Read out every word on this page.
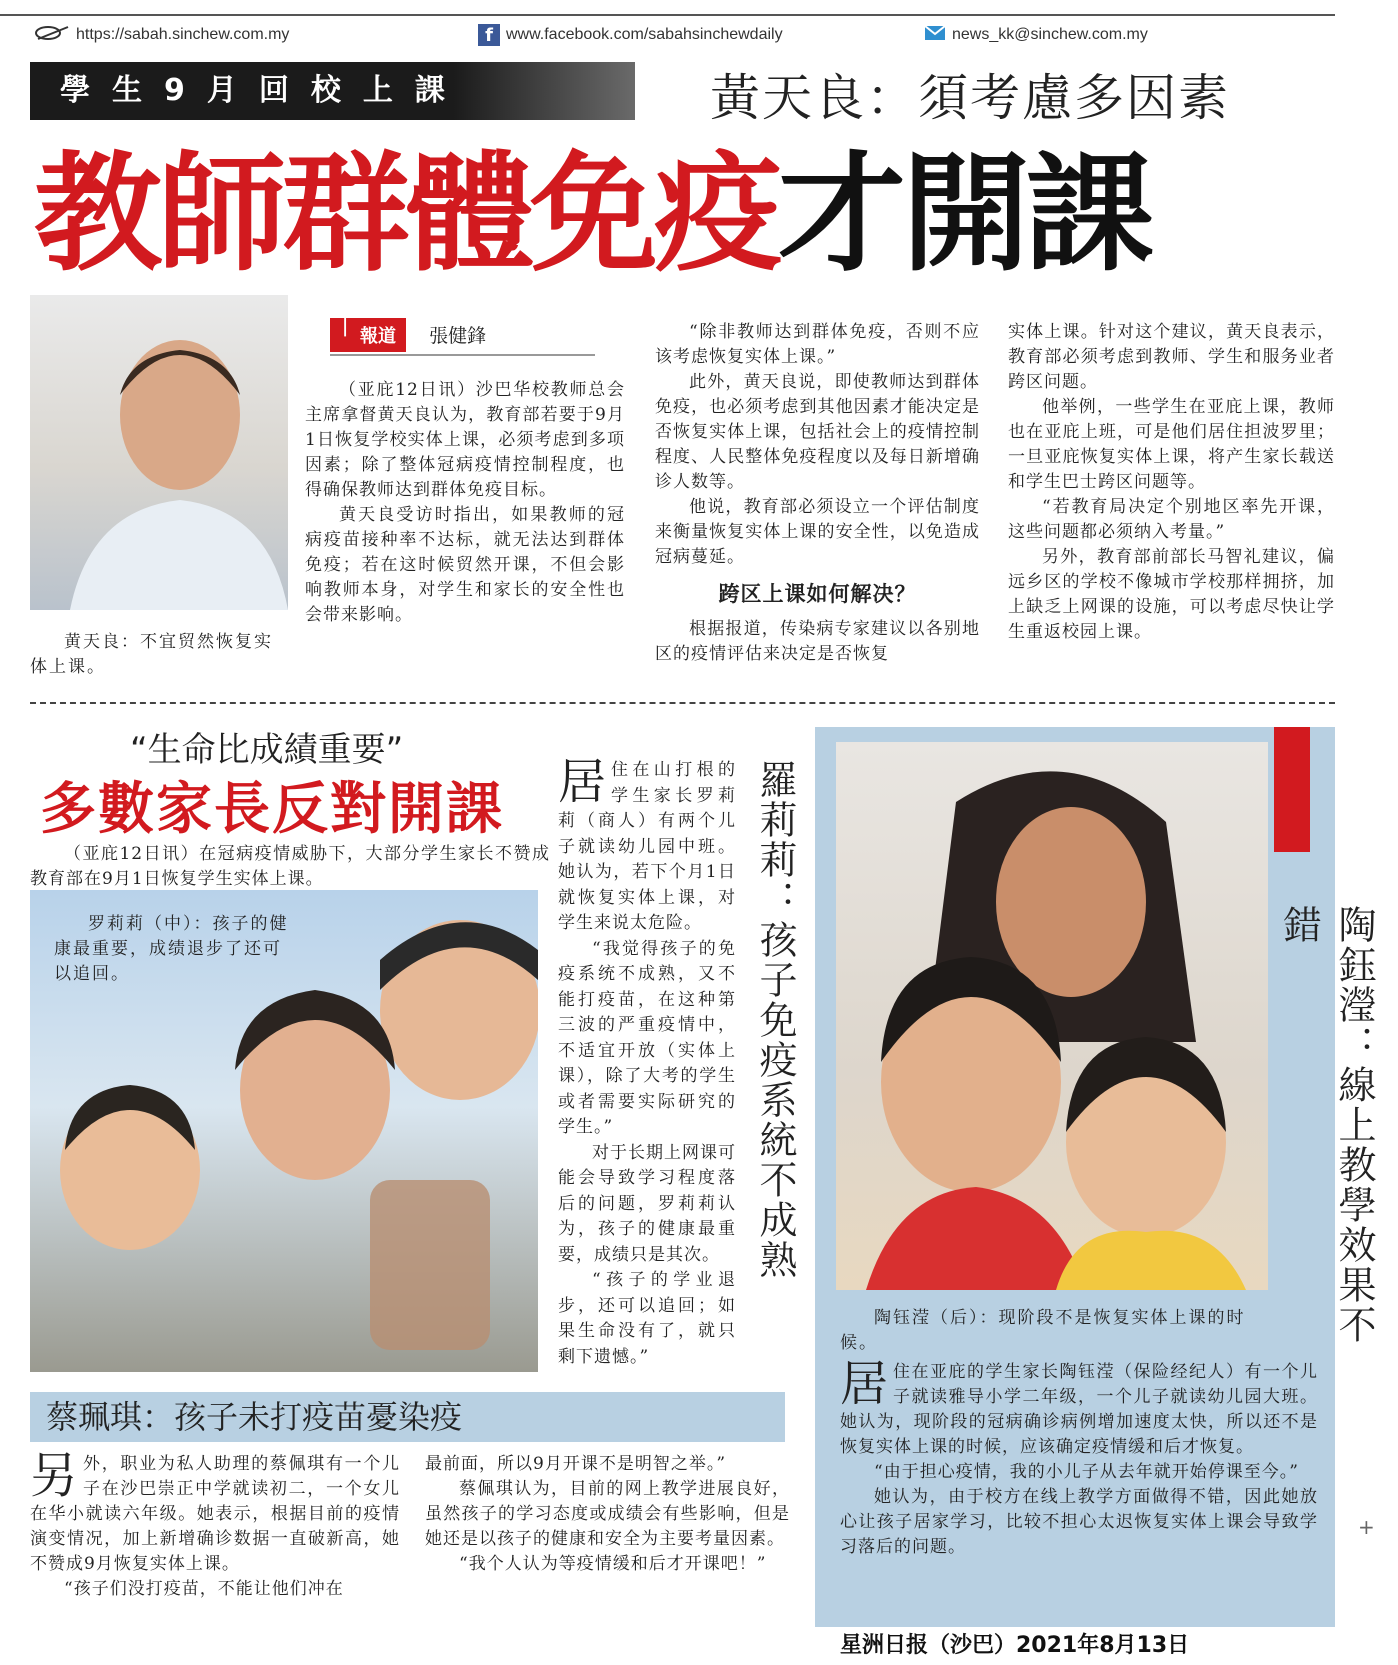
https://sabah.sinchew.com.my	f www.facebook.com/sabahsinchewdaily	news_kk@sinchew.com.my
學生9月回校上課	黃天良：須考慮多因素
教師群體免疫才開課
黄天良：不宜贸然恢复实体上课。
❘ 報道 張健鋒

（亚庇12日讯）沙巴华校教师总会主席拿督黄天良认为，教育部若要于9月1日恢复学校实体上课，必须考虑到多项因素；除了整体冠病疫情控制程度，也得确保教师达到群体免疫目标。

黄天良受访时指出，如果教师的冠病疫苗接种率不达标，就无法达到群体免疫；若在这时候贸然开课，不但会影响教师本身，对学生和家长的安全性也会带来影响。

“除非教师达到群体免疫，否则不应该考虑恢复实体上课。”

此外，黄天良说，即使教师达到群体免疫，也必须考虑到其他因素才能决定是否恢复实体上课，包括社会上的疫情控制程度、人民整体免疫程度以及每日新增确诊人数等。

他说，教育部必须设立一个评估制度来衡量恢复实体上课的安全性，以免造成冠病蔓延。

跨区上课如何解决？

根据报道，传染病专家建议以各别地区的疫情评估来决定是否恢复

实体上课。针对这个建议，黄天良表示，教育部必须考虑到教师、学生和服务业者跨区问题。

他举例，一些学生在亚庇上课，教师也在亚庇上班，可是他们居住担波罗里；一旦亚庇恢复实体上课，将产生家长载送和学生巴士跨区问题等。

“若教育局决定个别地区率先开课，这些问题都必须纳入考量。”

另外，教育部前部长马智礼建议，偏远乡区的学校不像城市学校那样拥挤，加上缺乏上网课的设施，可以考虑尽快让学生重返校园上课。

“生命比成績重要”
多數家長反對開課

（亚庇12日讯）在冠病疫情威胁下，大部分学生家长不赞成教育部在9月1日恢复学生实体上课。

罗莉莉（中）：孩子的健康最重要，成绩退步了还可以追回。
居 住在山打根的学生家长罗莉莉（商人）有两个儿子就读幼儿园中班。她认为，若下个月1日就恢复实体上课，对学生来说太危险。

“我觉得孩子的免疫系统不成熟，又不能打疫苗，在这种第三波的严重疫情中，不适宜开放（实体上课），除了大考的学生或者需要实际研究的学生。”

对于长期上网课可能会导致学习程度落后的问题，罗莉莉认为，孩子的健康最重要，成绩只是其次。

“孩子的学业退步，还可以追回；如果生命没有了，就只剩下遗憾。”

羅莉莉：孩子免疫系統不成熟
蔡珮琪：孩子未打疫苗憂染疫
另 外，职业为私人助理的蔡佩琪有一个儿子在沙巴崇正中学就读初二，一个女儿在华小就读六年级。她表示，根据目前的疫情演变情况，加上新增确诊数据一直破新高，她不赞成9月恢复实体上课。

“孩子们没打疫苗，不能让他们冲在

最前面，所以9月开课不是明智之举。”

蔡佩琪认为，目前的网上教学进展良好，虽然孩子的学习态度或成绩会有些影响，但是她还是以孩子的健康和安全为主要考量因素。

“我个人认为等疫情缓和后才开课吧！”

陶鈺瀅：線上教學效果不錯
陶钰滢（后）：现阶段不是恢复实体上课的时候。
居 住在亚庇的学生家长陶钰滢（保险经纪人）有一个儿子就读雅导小学二年级，一个儿子就读幼儿园大班。她认为，现阶段的冠病确诊病例增加速度太快，所以还不是恢复实体上课的时候，应该确定疫情缓和后才恢复。

“由于担心疫情，我的小儿子从去年就开始停课至今。”

她认为，由于校方在线上教学方面做得不错，因此她放心让孩子居家学习，比较不担心太迟恢复实体上课会导致学习落后的问题。

星洲日报（沙巴）2021年8月13日
+
